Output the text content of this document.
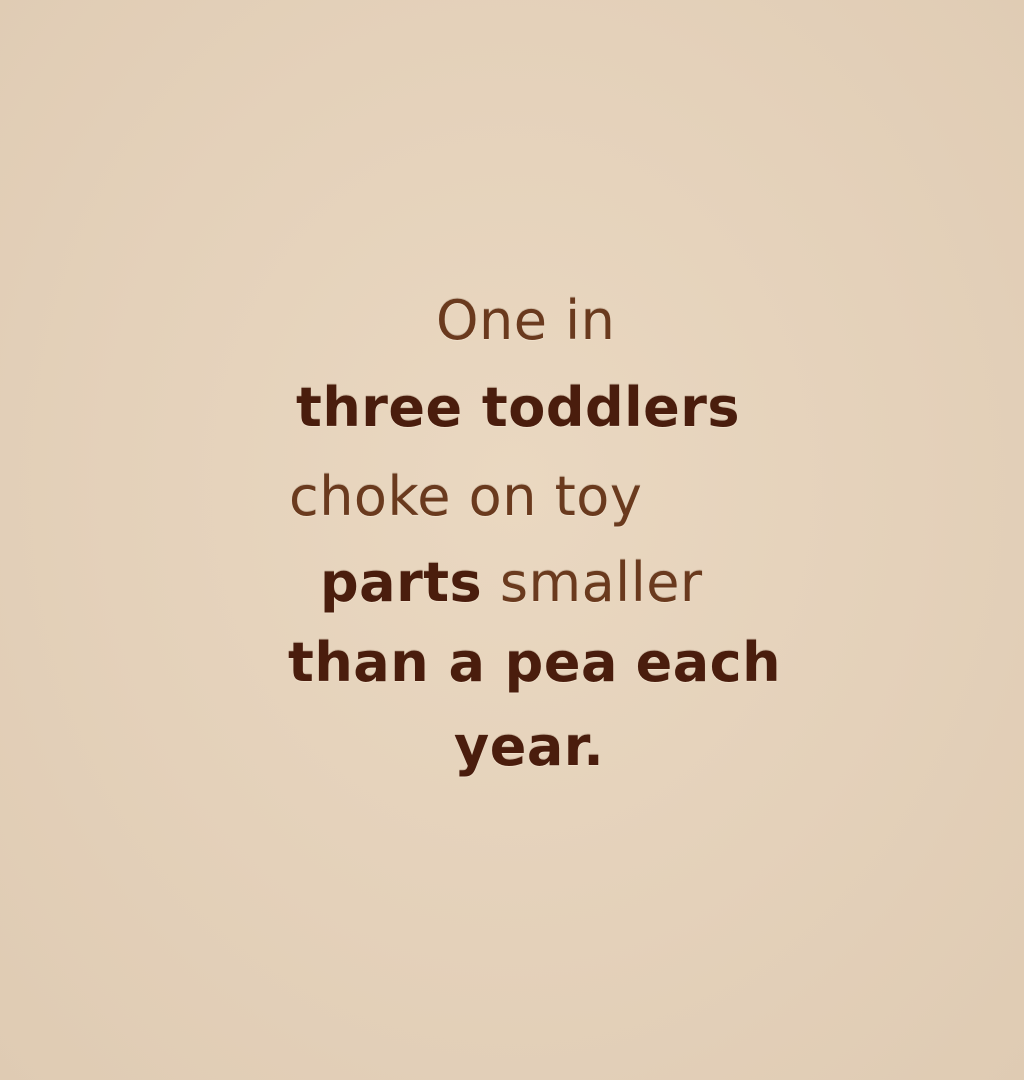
One in
three toddlers
choke on toy
parts smaller
than a pea each
year.
